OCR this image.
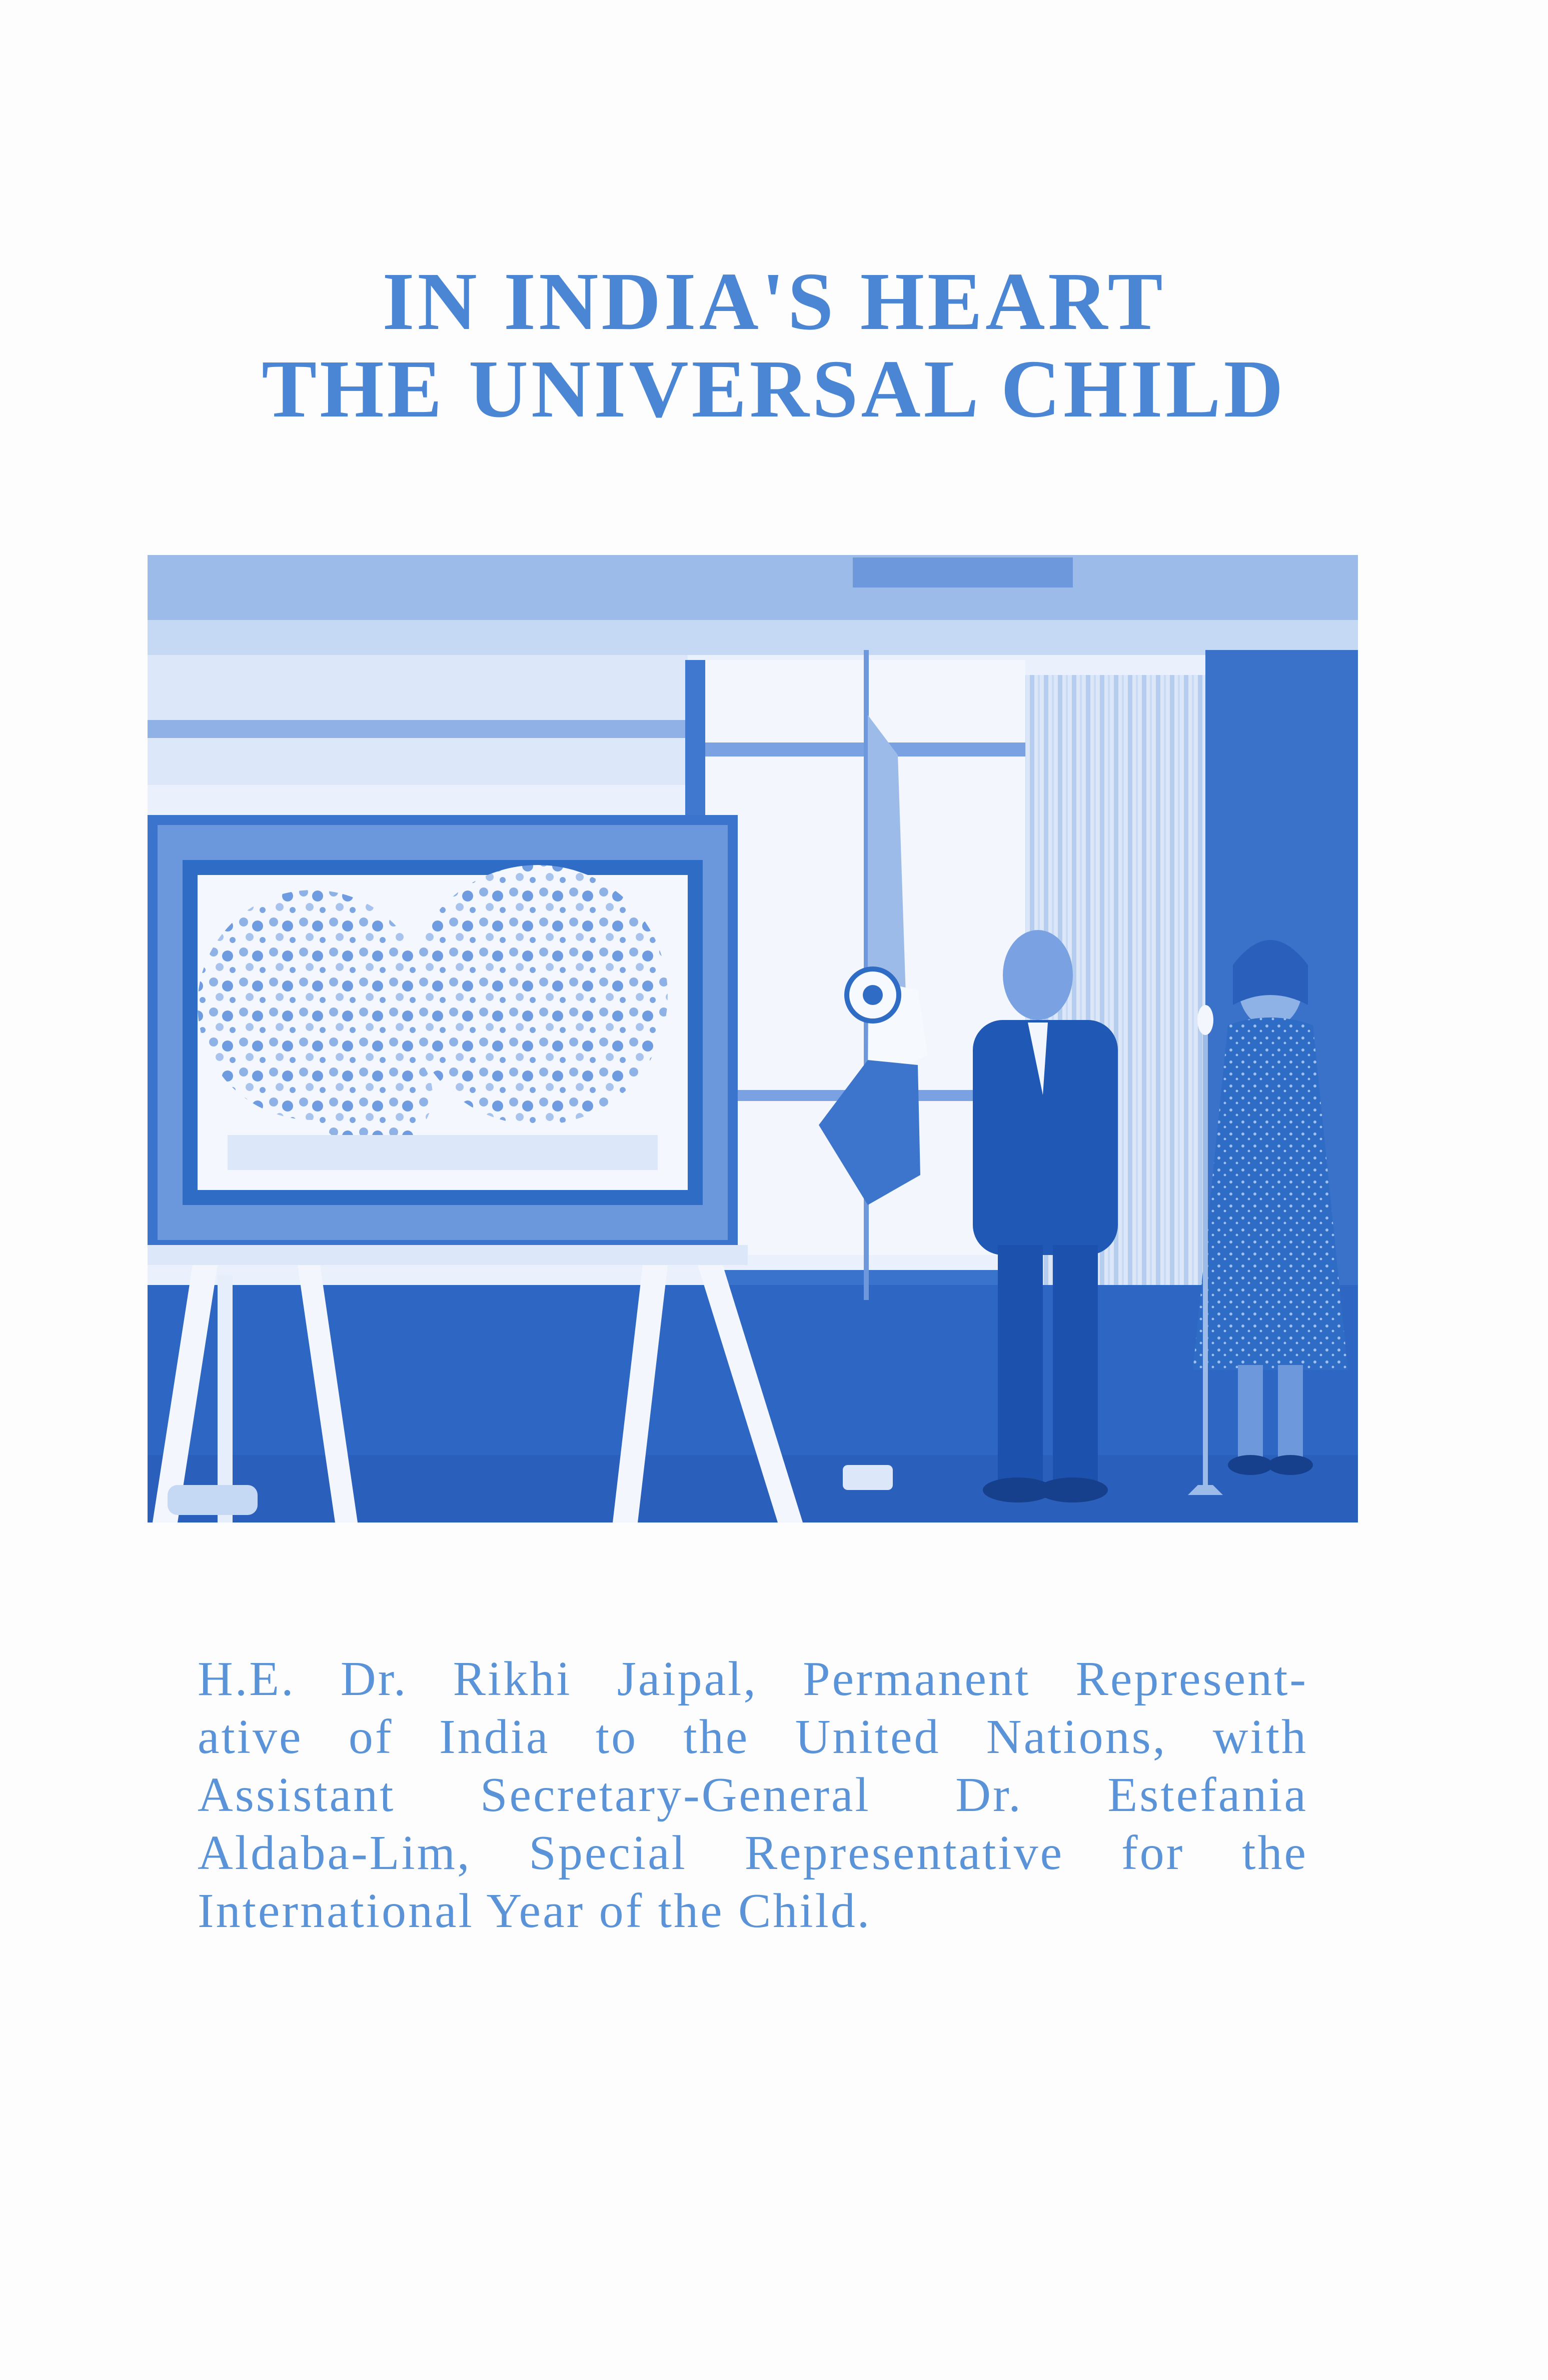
IN INDIA'S HEART
THE UNIVERSAL CHILD
H.E. Dr. Rikhi Jaipal, Permanent Represent-
ative of India to the United Nations, with
Assistant Secretary-General Dr. Estefania
Aldaba-Lim, Special Representative for the
International Year of the Child.
